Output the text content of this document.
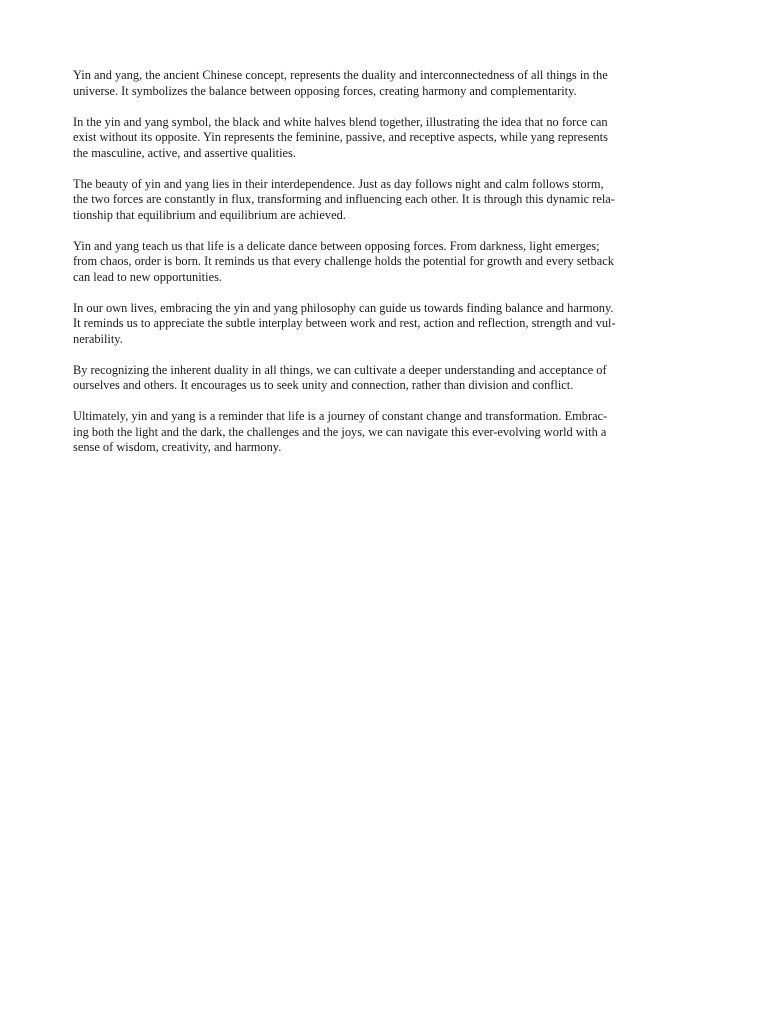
Yin and yang, the ancient Chinese concept, represents the duality and interconnectedness of all things in the
universe. It symbolizes the balance between opposing forces, creating harmony and complementarity.

In the yin and yang symbol, the black and white halves blend together, illustrating the idea that no force can
exist without its opposite. Yin represents the feminine, passive, and receptive aspects, while yang represents
the masculine, active, and assertive qualities.

The beauty of yin and yang lies in their interdependence. Just as day follows night and calm follows storm,
the two forces are constantly in flux, transforming and influencing each other. It is through this dynamic rela-
tionship that equilibrium and equilibrium are achieved.

Yin and yang teach us that life is a delicate dance between opposing forces. From darkness, light emerges;
from chaos, order is born. It reminds us that every challenge holds the potential for growth and every setback
can lead to new opportunities.

In our own lives, embracing the yin and yang philosophy can guide us towards finding balance and harmony.
It reminds us to appreciate the subtle interplay between work and rest, action and reflection, strength and vul-
nerability.

By recognizing the inherent duality in all things, we can cultivate a deeper understanding and acceptance of
ourselves and others. It encourages us to seek unity and connection, rather than division and conflict.

Ultimately, yin and yang is a reminder that life is a journey of constant change and transformation. Embrac-
ing both the light and the dark, the challenges and the joys, we can navigate this ever-evolving world with a
sense of wisdom, creativity, and harmony.
